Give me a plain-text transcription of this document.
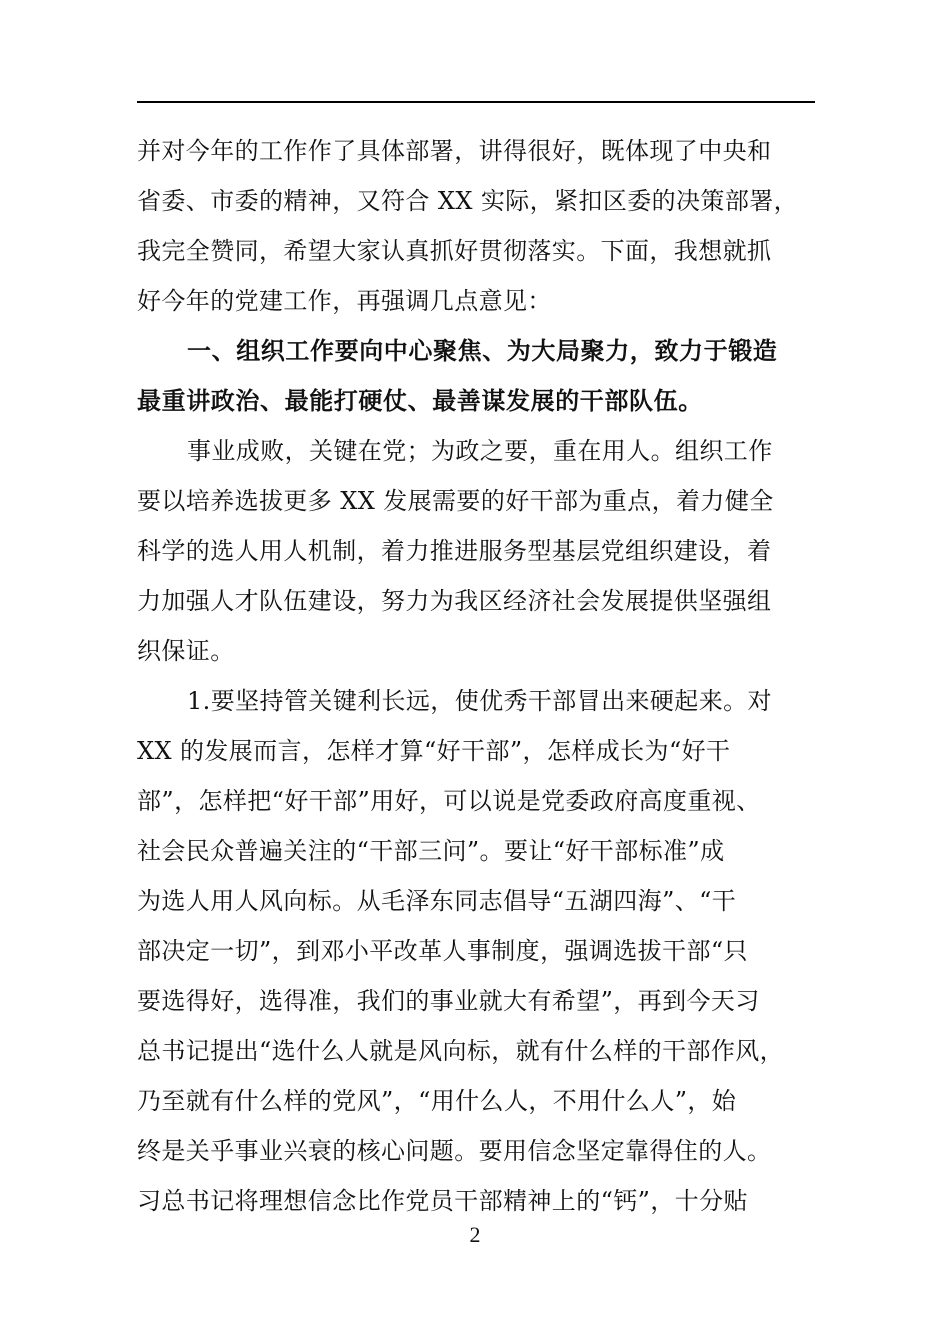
并对今年的工作作了具体部署，讲得很好，既体现了中央和
省委、市委的精神，又符合 XX 实际，紧扣区委的决策部署，
我完全赞同，希望大家认真抓好贯彻落实。下面，我想就抓
好今年的党建工作，再强调几点意见：
一、组织工作要向中心聚焦、为大局聚力，致力于锻造
最重讲政治、最能打硬仗、最善谋发展的干部队伍。
事业成败，关键在党；为政之要，重在用人。组织工作
要以培养选拔更多 XX 发展需要的好干部为重点，着力健全
科学的选人用人机制，着力推进服务型基层党组织建设，着
力加强人才队伍建设，努力为我区经济社会发展提供坚强组
织保证。
1.要坚持管关键利长远，使优秀干部冒出来硬起来。对
XX 的发展而言，怎样才算“好干部”，怎样成长为“好干
部”，怎样把“好干部”用好，可以说是党委政府高度重视、
社会民众普遍关注的“干部三问”。要让“好干部标准”成
为选人用人风向标。从毛泽东同志倡导“五湖四海”、“干
部决定一切”，到邓小平改革人事制度，强调选拔干部“只
要选得好，选得准，我们的事业就大有希望”，再到今天习
总书记提出“选什么人就是风向标，就有什么样的干部作风，
乃至就有什么样的党风”，“用什么人，不用什么人”，始
终是关乎事业兴衰的核心问题。要用信念坚定靠得住的人。
习总书记将理想信念比作党员干部精神上的“钙”，十分贴
2
